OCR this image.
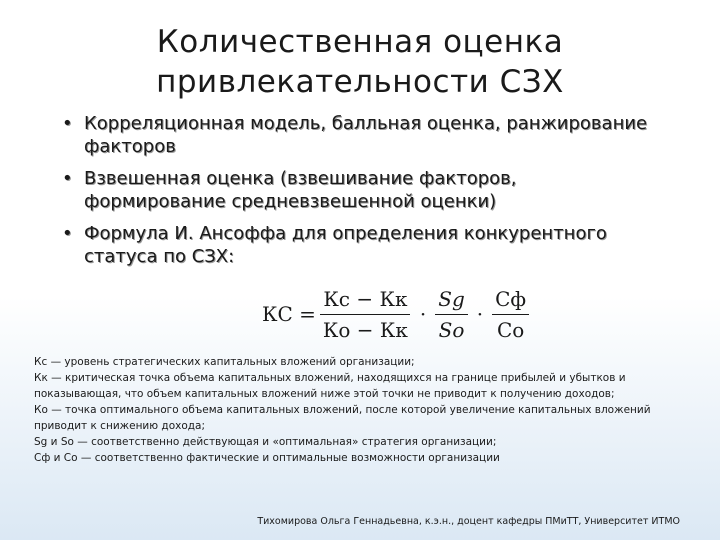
Количественная оценка
привлекательности СЗХ
• Корреляционная модель, балльная оценка, ранжирование факторов
• Взвешенная оценка (взвешивание факторов, формирование средневзвешенной оценки)
• Формула И. Ансоффа для определения конкурентного статуса по СЗХ:
КС = $\frac{Кс - Кк}{Ко - Кк} \cdot \frac{Sg}{So} \cdot \frac{Сф}{Со}$

Кс — уровень стратегических капитальных вложений организации;

Кк — критическая точка объема капитальных вложений, находящихся на границе прибылей и убытков и показывающая, что объем капитальных вложений ниже этой точки не приводит к получению доходов;

Ко — точка оптимального объема капитальных вложений, после которой увеличение капитальных вложений приводит к снижению дохода;

Sg и So — соответственно действующая и «оптимальная» стратегия организации;

Сф и Со — соответственно фактические и оптимальные возможности организации

Тихомирова Ольга Геннадьевна, к.э.н., доцент кафедры ПМиТТ, Университет ИТМО
